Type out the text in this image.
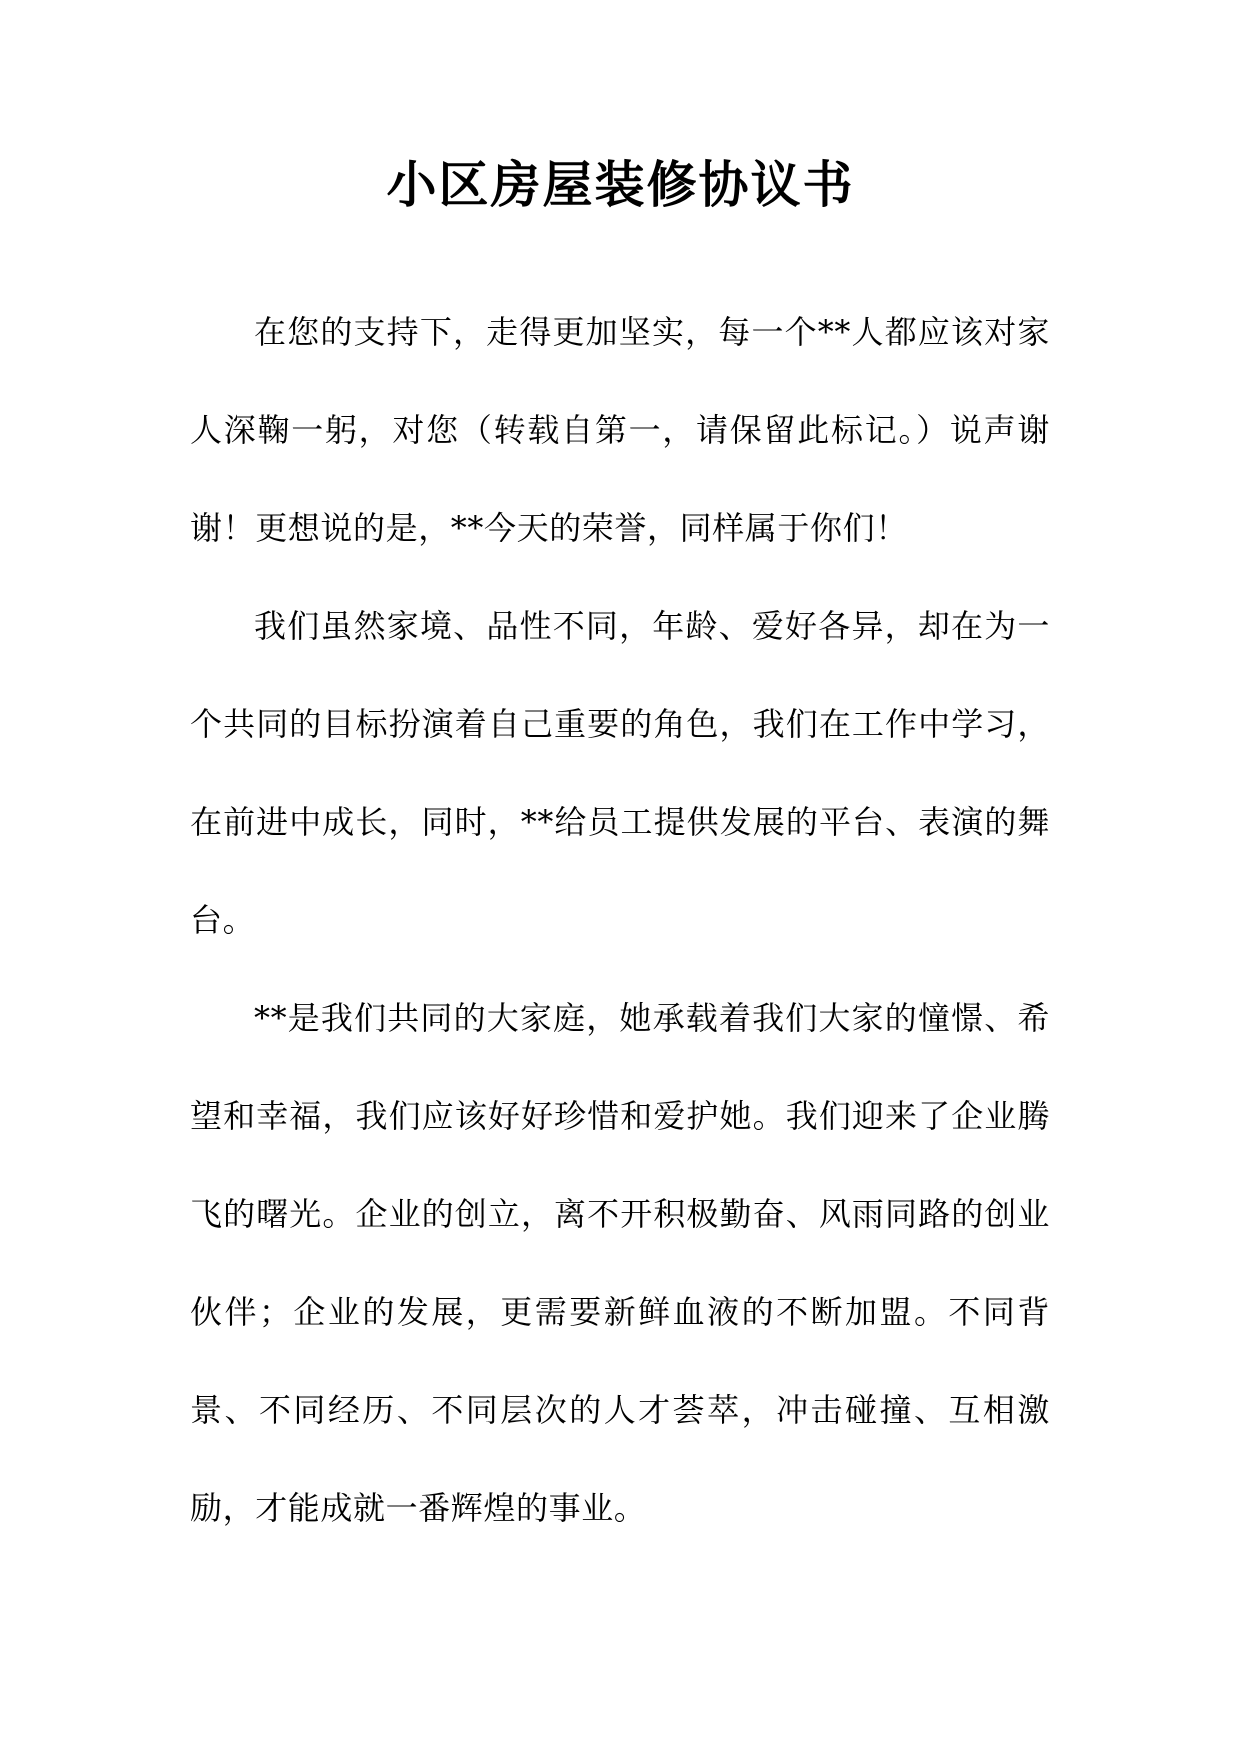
小区房屋装修协议书

在您的支持下，走得更加坚实，每一个**人都应该对家人深鞠一躬，对您（转载自第一，请保留此标记。）说声谢谢！更想说的是，**今天的荣誉，同样属于你们！

我们虽然家境、品性不同，年龄、爱好各异，却在为一个共同的目标扮演着自己重要的角色，我们在工作中学习，在前进中成长，同时，**给员工提供发展的平台、表演的舞台。

**是我们共同的大家庭，她承载着我们大家的憧憬、希望和幸福，我们应该好好珍惜和爱护她。我们迎来了企业腾飞的曙光。企业的创立，离不开积极勤奋、风雨同路的创业伙伴；企业的发展，更需要新鲜血液的不断加盟。不同背景、不同经历、不同层次的人才荟萃，冲击碰撞、互相激励，才能成就一番辉煌的事业。
